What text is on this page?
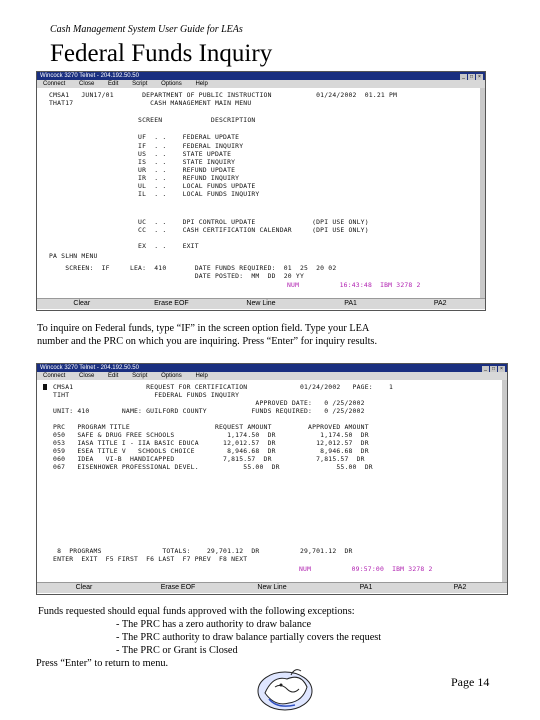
Cash Management System User Guide for LEAs
Federal Funds Inquiry
Wincock 3270 Telnet - 204.192.50.50	_ □ ×
Connect Close Edit Script Options Help
CMSA1   JUN17/01       DEPARTMENT OF PUBLIC INSTRUCTION           01/24/2002  01.21 PM
THAT17                   CASH MANAGEMENT MAIN MENU
SCREEN            DESCRIPTION
UF  . .    FEDERAL UPDATE
IF  . .    FEDERAL INQUIRY
US  . .    STATE UPDATE
IS  . .    STATE INQUIRY
UR  . .    REFUND UPDATE
IR  . .    REFUND INQUIRY
UL  . .    LOCAL FUNDS UPDATE
IL  . .    LOCAL FUNDS INQUIRY
UC  . .    DPI CONTROL UPDATE              (DPI USE ONLY)
CC  . .    CASH CERTIFICATION CALENDAR     (DPI USE ONLY)
EX  . .    EXIT
PA SLHN MENU
SCREEN:  IF     LEA:  410       DATE FUNDS REQUIRED:  01  25  20 02
DATE POSTED:  MM  DD  20 YY
NUM          16:43:48  IBM 3278 2
Clear	Erase EOF	New Line	PA1	PA2
To inquire on Federal funds, type “IF” in the screen option field. Type your LEA
number and the PRC on which you are inquiring. Press “Enter” for inquiry results.
Wincock 3270 Telnet - 204.192.50.50	_ □ ×
Connect Close Edit Script Options Help
CMSA1                  REQUEST FOR CERTIFICATION             01/24/2002   PAGE:    1
TIHT                     FEDERAL FUNDS INQUIRY
APPROVED DATE:   0 /25/2002
UNIT: 410        NAME: GUILFORD COUNTY           FUNDS REQUIRED:   0 /25/2002
PRC   PROGRAM TITLE                     REQUEST AMOUNT         APPROVED AMOUNT
050   SAFE & DRUG FREE SCHOOLS             1,174.50  DR           1,174.50  DR
053   IASA TITLE I - IIA BASIC EDUCA      12,012.57  DR          12,012.57  DR
059   ESEA TITLE V   SCHOOLS CHOICE        8,946.68  DR           8,946.68  DR
060   IDEA   VI-B  HANDICAPPED            7,815.57  DR           7,815.57  DR
067   EISENHOWER PROFESSIONAL DEVEL.           55.00  DR              55.00  DR
8  PROGRAMS               TOTALS:    29,701.12  DR          29,701.12  DR
ENTER  EXIT  F5 FIRST  F6 LAST  F7 PREV  F8 NEXT
NUM          09:57:00  IBM 3278 2
Clear	Erase EOF	New Line	PA1	PA2
Funds requested should equal funds approved with the following exceptions:
- The PRC has a zero authority to draw balance
- The PRC authority to draw balance partially covers the request
- The PRC or Grant is Closed
Press “Enter” to return to menu.
Page 14
